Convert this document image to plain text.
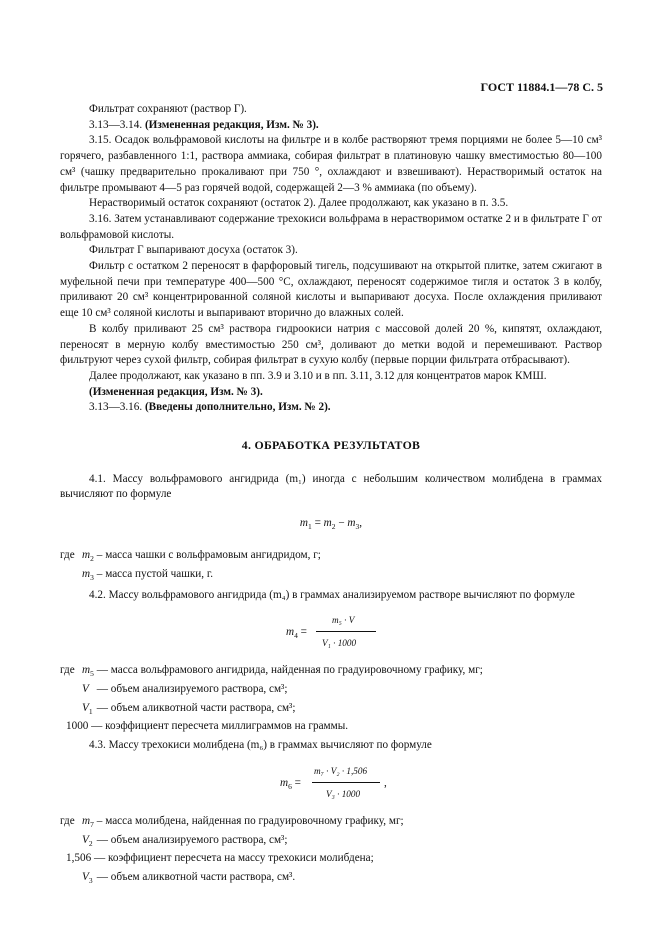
ГОСТ 11884.1—78 С. 5

Фильтрат сохраняют (раствор Г).

3.13—3.14. (Измененная редакция, Изм. № 3).

3.15. Осадок вольфрамовой кислоты на фильтре и в колбе растворяют тремя порциями не более 5—10 см³ горячего, разбавленного 1:1, раствора аммиака, собирая фильтрат в платиновую чашку вместимостью 80—100 см³ (чашку предварительно прокаливают при 750 °, охлаждают и взвешивают). Нерастворимый остаток на фильтре промывают 4—5 раз горячей водой, содержащей 2—3 % аммиака (по объему).

Нерастворимый остаток сохраняют (остаток 2). Далее продолжают, как указано в п. 3.5.

3.16. Затем устанавливают содержание трехокиси вольфрама в нерастворимом остатке 2 и в фильтрате Г от вольфрамовой кислоты.

Фильтрат Г выпаривают досуха (остаток 3).

Фильтр с остатком 2 переносят в фарфоровый тигель, подсушивают на открытой плитке, затем сжигают в муфельной печи при температуре 400—500 °С, охлаждают, переносят содержимое тигля и остаток 3 в колбу, приливают 20 см³ концентрированной соляной кислоты и выпаривают досуха. После охлаждения приливают еще 10 см³ соляной кислоты и выпаривают вторично до влажных солей.

В колбу приливают 25 см³ раствора гидроокиси натрия с массовой долей 20 %, кипятят, охлаждают, переносят в мерную колбу вместимостью 250 см³, доливают до метки водой и перемешивают. Раствор фильтруют через сухой фильтр, собирая фильтрат в сухую колбу (первые порции фильтрата отбрасывают).

Далее продолжают, как указано в пп. 3.9 и 3.10 и в пп. 3.11, 3.12 для концентратов марок КМШ.

(Измененная редакция, Изм. № 3).

3.13—3.16. (Введены дополнительно, Изм. № 2).

4. ОБРАБОТКА РЕЗУЛЬТАТОВ

4.1. Массу вольфрамового ангидрида (m₁) иногда с небольшим количеством молибдена в граммах вычисляют по формуле

$m_1 = m_2 - m_3$,
где $m_2$ – масса чашки с вольфрамовым ангидридом, г;
$m_3$ – масса пустой чашки, г.

4.2. Массу вольфрамового ангидрида (m₄) в граммах анализируемом растворе вычисляют по формуле

$m_4$ =
m₅ · V
V₁ · 1000
где $m_5$ — масса вольфрамового ангидрида, найденная по градуировочному графику, мг;
V — объем анализируемого раствора, см³;
$V_1$ — объем аликвотной части раствора, см³;
1000 — коэффициент пересчета миллиграммов на граммы.

4.3. Массу трехокиси молибдена (m₆) в граммах вычисляют по формуле

$m_6$ =
m₇ · V₂ · 1,506
V₃ · 1000
,
где $m_7$ – масса молибдена, найденная по градуировочному графику, мг;
$V_2$ — объем анализируемого раствора, см³;
1,506 — коэффициент пересчета на массу трехокиси молибдена;
$V_3$ — объем аликвотной части раствора, см³.
